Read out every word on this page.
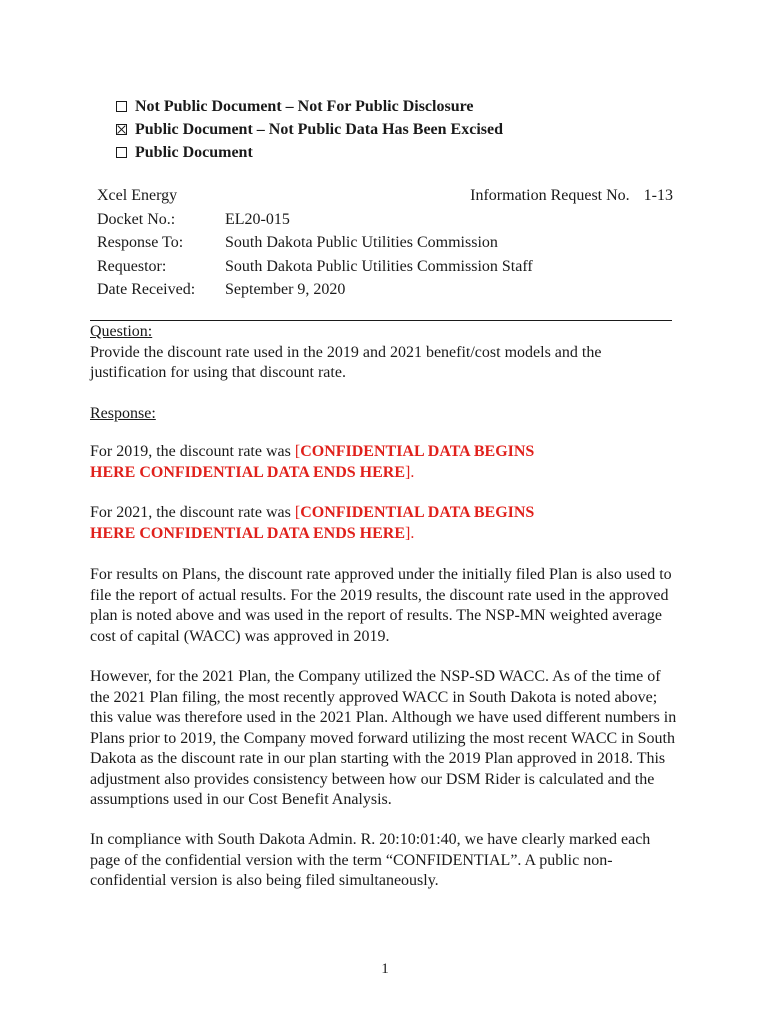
Not Public Document – Not For Public Disclosure
Public Document – Not Public Data Has Been Excised
Public Document
Xcel Energy	Information Request No. 1-13
Docket No.:	EL20-015
Response To:	South Dakota Public Utilities Commission
Requestor:	South Dakota Public Utilities Commission Staff
Date Received:	September 9, 2020
Question:
Provide the discount rate used in the 2019 and 2021 benefit/cost models and the justification for using that discount rate.
Response:
For 2019, the discount rate was [CONFIDENTIAL DATA BEGINS
HERE CONFIDENTIAL DATA ENDS HERE].
For 2021, the discount rate was [CONFIDENTIAL DATA BEGINS
HERE CONFIDENTIAL DATA ENDS HERE].
For results on Plans, the discount rate approved under the initially filed Plan is also used to file the report of actual results. For the 2019 results, the discount rate used in the approved plan is noted above and was used in the report of results. The NSP-MN weighted average cost of capital (WACC) was approved in 2019.
However, for the 2021 Plan, the Company utilized the NSP-SD WACC. As of the time of the 2021 Plan filing, the most recently approved WACC in South Dakota is noted above; this value was therefore used in the 2021 Plan. Although we have used different numbers in Plans prior to 2019, the Company moved forward utilizing the most recent WACC in South Dakota as the discount rate in our plan starting with the 2019 Plan approved in 2018. This adjustment also provides consistency between how our DSM Rider is calculated and the assumptions used in our Cost Benefit Analysis.
In compliance with South Dakota Admin. R. 20:10:01:40, we have clearly marked each page of the confidential version with the term “CONFIDENTIAL”. A public non-confidential version is also being filed simultaneously.
1
